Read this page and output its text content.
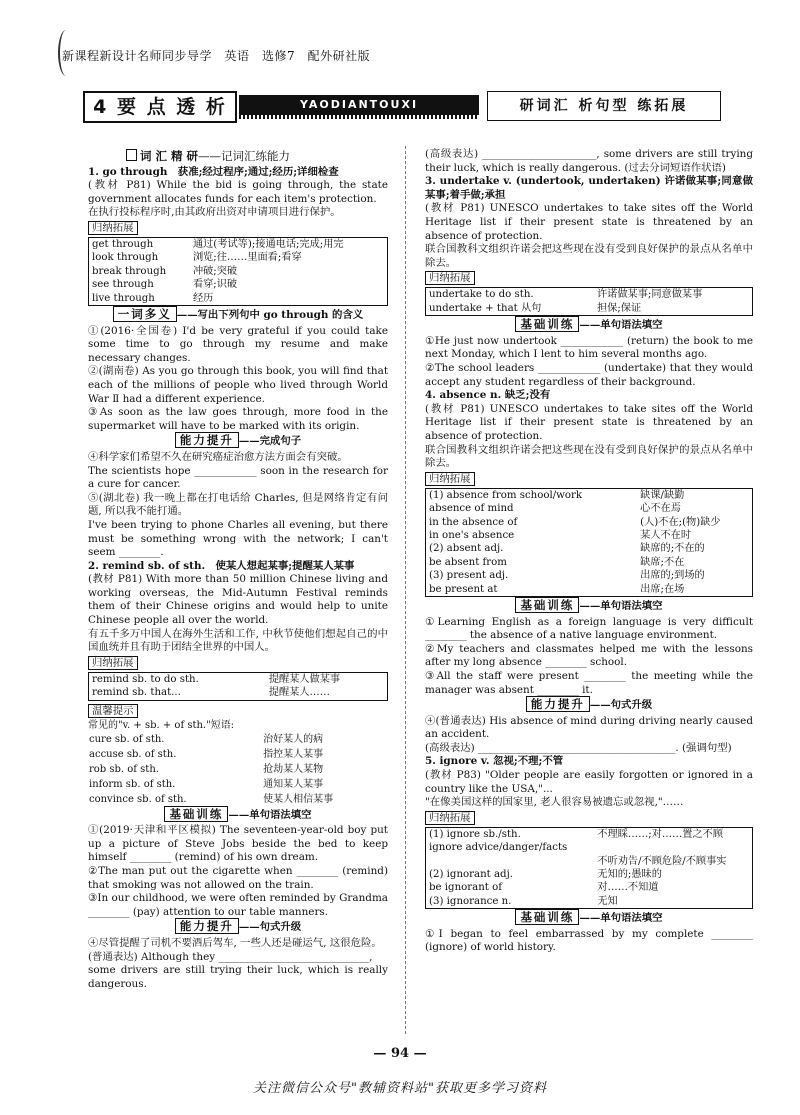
新课程新设计名师同步导学　英语　选修7　配外研社版
4 要 点 透 析	YAODIANTOUXI	研词汇 析句型 练拓展
词 汇 精 研——记词汇练能力

1. go through　获准;经过程序;通过;经历;详细检查

(教材 P81) While the bid is going through, the state government allocates funds for each item's protection.

在执行投标程序时,由其政府出资对申请项目进行保护。

归纳拓展
get through	通过(考试等);接通电话;完成;用完
look through	浏览;往……里面看;看穿
break through	冲破;突破
see through	看穿;识破
live through	经历
一词多义 ——写出下列句中 go through 的含义

①(2016·全国卷) I'd be very grateful if you could take some time to go through my resume and make necessary changes.

②(湖南卷) As you go through this book, you will find that each of the millions of people who lived through World War Ⅱ had a different experience.

③As soon as the law goes through, more food in the supermarket will have to be marked with its origin.

能力提升 ——完成句子

④科学家们希望不久在研究癌症治愈方法方面会有突破。

The scientists hope ____________ soon in the research for a cure for cancer.

⑤(湖北卷) 我一晚上都在打电话给 Charles, 但是网络肯定有问题, 所以我不能打通。

I've been trying to phone Charles all evening, but there must be something wrong with the network; I can't seem ________.

2. remind sb. of sth.　使某人想起某事;提醒某人某事

(教材 P81) With more than 50 million Chinese living and working overseas, the Mid-Autumn Festival reminds them of their Chinese origins and would help to unite Chinese people all over the world.

有五千多万中国人在海外生活和工作, 中秋节使他们想起自己的中国血统并且有助于团结全世界的中国人。

归纳拓展
remind sb. to do sth.	提醒某人做某事
remind sb. that...	提醒某人……
温馨提示
常见的"v. + sb. + of sth."短语:
cure sb. of sth.	治好某人的病
accuse sb. of sth.	指控某人某事
rob sb. of sth.	抢劫某人某物
inform sb. of sth.	通知某人某事
convince sb. of sth.	使某人相信某事
基础训练 ——单句语法填空

①(2019·天津和平区模拟) The seventeen-year-old boy put up a picture of Steve Jobs beside the bed to keep himself ________ (remind) of his own dream.

②The man put out the cigarette when ________ (remind) that smoking was not allowed on the train.

③In our childhood, we were often reminded by Grandma ________ (pay) attention to our table manners.

能力提升 ——句式升级

④尽管提醒了司机不要酒后驾车, 一些人还是碰运气, 这很危险。

(普通表达) Although they _____________________________,

some drivers are still trying their luck, which is really dangerous.

(高级表达) ______________________, some drivers are still trying their luck, which is really dangerous. (过去分词短语作状语)

3. undertake v. (undertook, undertaken) 许诺做某事;同意做某事;着手做;承担

(教材 P81) UNESCO undertakes to take sites off the World Heritage list if their present state is threatened by an absence of protection.

联合国教科文组织许诺会把这些现在没有受到良好保护的景点从名单中除去。

归纳拓展
undertake to do sth.	许诺做某事;同意做某事
undertake + that 从句	担保;保证
基础训练 ——单句语法填空

①He just now undertook ____________ (return) the book to me next Monday, which I lent to him several months ago.

②The school leaders ____________ (undertake) that they would accept any student regardless of their background.

4. absence n. 缺乏;没有

(教材 P81) UNESCO undertakes to take sites off the World Heritage list if their present state is threatened by an absence of protection.

联合国教科文组织许诺会把这些现在没有受到良好保护的景点从名单中除去。

归纳拓展
(1) absence from school/work	缺课/缺勤
absence of mind	心不在焉
in the absence of	(人)不在;(物)缺少
in one's absence	某人不在时
(2) absent adj.	缺席的;不在的
be absent from	缺席;不在
(3) present adj.	出席的;到场的
be present at	出席;在场
基础训练 ——单句语法填空

①Learning English as a foreign language is very difficult ________ the absence of a native language environment.

②My teachers and classmates helped me with the lessons after my long absence ________ school.

③All the staff were present ________ the meeting while the manager was absent ________ it.

能力提升 ——句式升级

④(普通表达) His absence of mind during driving nearly caused an accident.

(高级表达) ______________________________________. (强调句型)

5. ignore v. 忽视;不理;不管

(教材 P83) "Older people are easily forgotten or ignored in a country like the USA,"...

"在像美国这样的国家里, 老人很容易被遗忘或忽视,"……

归纳拓展
(1) ignore sb./sth.	不理睬……;对……置之不顾
ignore advice/danger/facts	
	不听劝告/不顾危险/不顾事实
(2) ignorant adj.	无知的;愚昧的
be ignorant of	对……不知道
(3) ignorance n.	无知
基础训练 ——单句语法填空

①I began to feel embarrassed by my complete ________ (ignore) of world history.

— 94 —
关注微信公众号"教辅资料站"获取更多学习资料
